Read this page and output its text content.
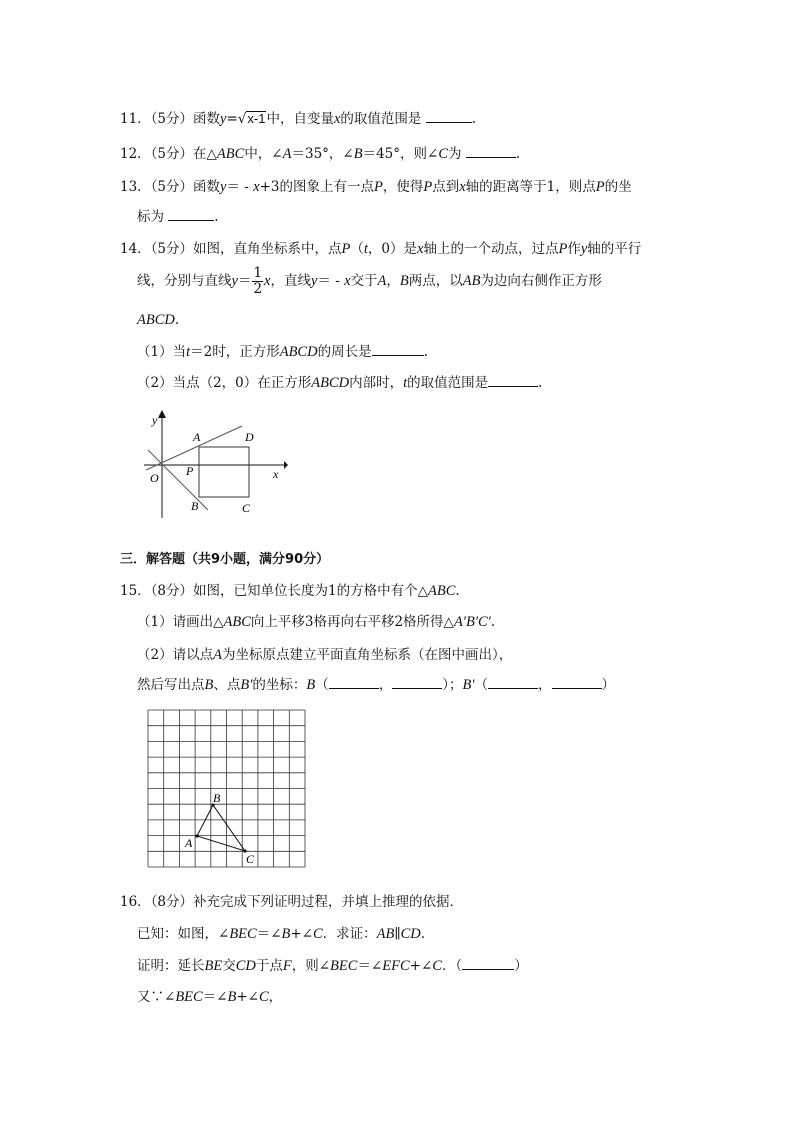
11．（5分）函数y=√x-1中，自变量x的取值范围是	.
12．（5分）在△ABC中，∠A＝35°，∠B＝45°，则∠C为	.
13．（5分）函数y＝ - x+3的图象上有一点P，使得P点到x轴的距离等于1，则点P的坐
标为	.
14．（5分）如图，直角坐标系中，点P（t，0）是x轴上的一个动点，过点P作y轴的平行
线，分别与直线$y= \frac{1}{2}$ x，直线y＝ - x交于A，B两点，以AB为边向右侧作正方形
ABCD.
（1）当t＝2时，正方形ABCD的周长是	.
（2）当点（2，0）在正方形ABCD内部时，t的取值范围是	.
y
A	D
P	x
O
B	C
三．解答题（共9小题，满分90分）
15．（8分）如图，已知单位长度为1的方格中有个△ABC.
（1）请画出△ABC向上平移3格再向右平移2格所得△A′B′C′.
（2）请以点A为坐标原点建立平面直角坐标系（在图中画出），
然后写出点B、点B′的坐标：B（	，	）；B′（	，	）
A
B
C
16．（8分）补充完成下列证明过程，并填上推理的依据．
已知：如图，∠BEC＝∠B+∠C．求证：AB∥CD.
证明：延长BE交CD于点F，则∠BEC＝∠EFC+∠C．（	）
又∵∠BEC＝∠B+∠C，
